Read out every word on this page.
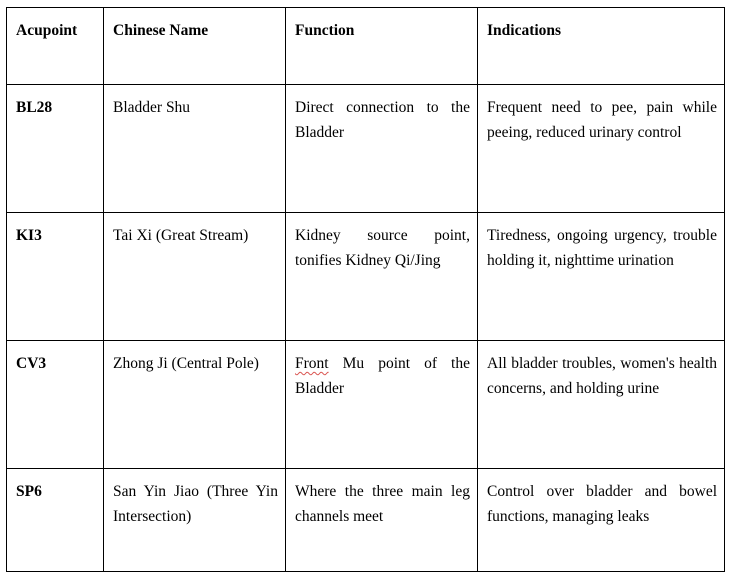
Acupoint	Chinese Name	Function	Indications
BL28	Bladder Shu	Direct connection to the Bladder	Frequent need to pee, pain while peeing, reduced urinary control
KI3	Tai Xi (Great Stream)	Kidney source point, tonifies Kidney Qi/Jing	Tiredness, ongoing urgency, trouble holding it, nighttime urination
CV3	Zhong Ji (Central Pole)	Front Mu point of the Bladder	All bladder troubles, women's health concerns, and holding urine
SP6	San Yin Jiao (Three Yin Intersection)	Where the three main leg channels meet	Control over bladder and bowel functions, managing leaks
